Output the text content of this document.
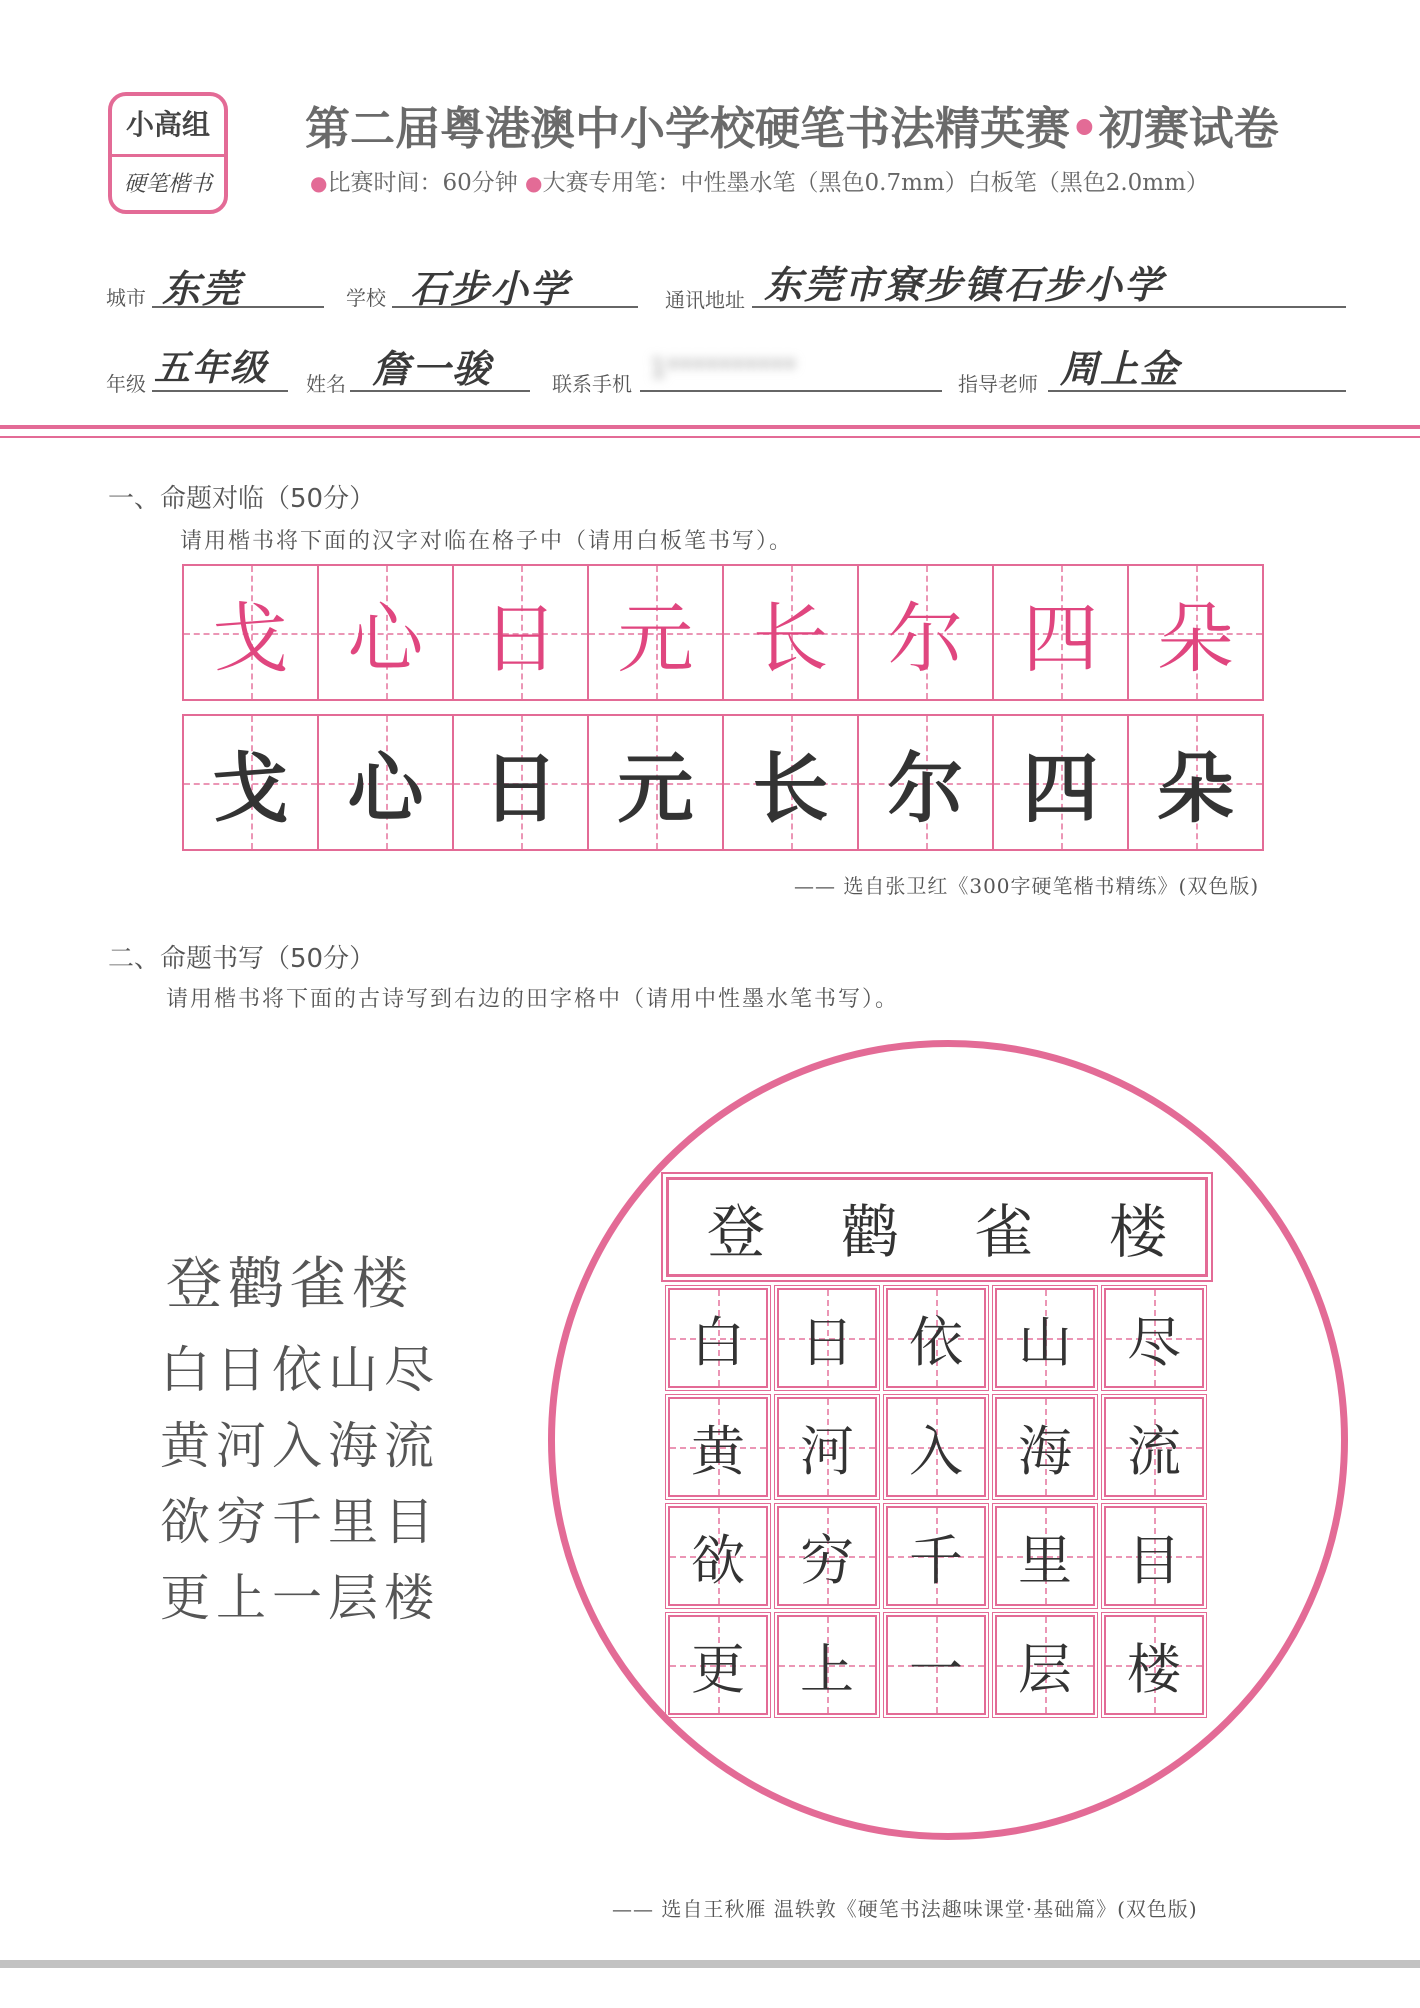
小高组
硬笔楷书
第二届粤港澳中小学校硬笔书法精英赛•初赛试卷
●比赛时间：60分钟 ●大赛专用笔：中性墨水笔（黑色0.7mm）白板笔（黑色2.0mm）
城市 东莞	学校 石步小学	通讯地址 东莞市寮步镇石步小学
年级 五年级 姓名 詹一骏	联系手机 1**********	指导老师 周上金
一、命题对临（50分）
请用楷书将下面的汉字对临在格子中（请用白板笔书写）。
戈 心 日 元 长 尔 四 朵
戈 心 日 元 长 尔 四 朵
—— 选自张卫红《300字硬笔楷书精练》(双色版)
二、命题书写（50分）
请用楷书将下面的古诗写到右边的田字格中（请用中性墨水笔书写）。
登鹳雀楼
白日依山尽
黄河入海流
欲穷千里目
更上一层楼
登 鹳 雀 楼
白	日	依	山	尽
黄	河	入	海	流
欲	穷	千	里	目
更	上	一	层	楼
—— 选自王秋雁 温轶敦《硬笔书法趣味课堂·基础篇》(双色版)
